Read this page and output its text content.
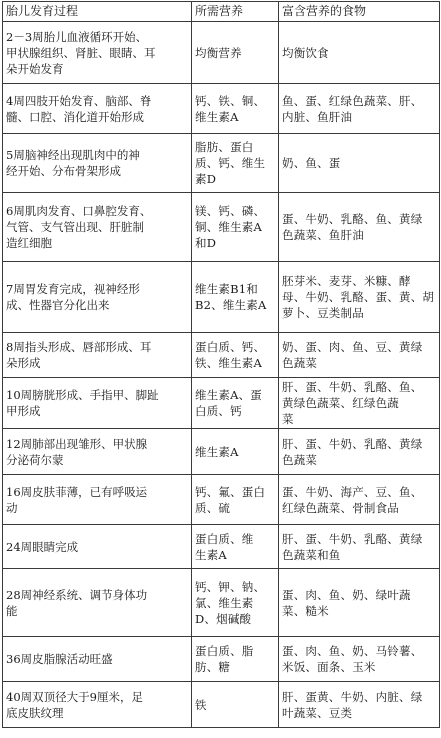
胎儿发育过程	所需营养	富含营养的食物
2－3周胎儿血液循环开始、
甲状腺组织、肾脏、眼睛、耳
朵开始发育	均衡营养	均衡饮食
4周四肢开始发育、脑部、脊
髓、口腔、消化道开始形成	钙、铁、铜、
维生素A	鱼、蛋、红绿色蔬菜、肝、
内脏、鱼肝油
5周脑神经出现肌肉中的神
经开始、分布骨架形成	脂肪、蛋白
质、钙、维生
素D	奶、鱼、蛋
6周肌肉发育、口鼻腔发育、
气管、支气管出现、肝脏制
造红细胞	镁、钙、磷、
铜、维生素A
和D	蛋、牛奶、乳酪、鱼、黄绿
色蔬菜、鱼肝油
7周胃发育完成，视神经形
成、性器官分化出来	维生素B1和
B2、维生素A	胚芽米、麦芽、米糠、酵
母、牛奶、乳酪、蛋、黄、胡
萝卜、豆类制品
8周指头形成、唇部形成、耳
朵形成	蛋白质、钙、
铁、维生素A	奶、蛋、肉、鱼、豆、黄绿
色蔬菜
10周膀胱形成、手指甲、脚趾
甲形成	维生素A、蛋
白质、钙	肝、蛋、牛奶、乳酪、鱼、
黄绿色蔬菜、红绿色蔬
菜
12周肺部出现雏形、甲状腺
分泌荷尔蒙	维生素A	肝、蛋、牛奶、乳酪、黄绿
色蔬菜
16周皮肤菲薄，已有呼吸运
动	钙、氟、蛋白
质、硫	蛋、牛奶、海产、豆、鱼、
红绿色蔬菜、骨制食品
24周眼睛完成	蛋白质、维
生素A	肝、蛋、牛奶、乳酪、黄绿
色蔬菜和鱼
28周神经系统、调节身体功
能	钙、钾、钠、
氯、维生素
D、烟碱酸	蛋、肉、鱼、奶、绿叶蔬
菜、糙米
36周皮脂腺活动旺盛	蛋白质、脂
肪、糖	蛋、肉、鱼、奶、马铃薯、
米饭、面条、玉米
40周双顶径大于9厘米，足
底皮肤纹理	铁	肝、蛋黄、牛奶、内脏、绿
叶蔬菜、豆类
